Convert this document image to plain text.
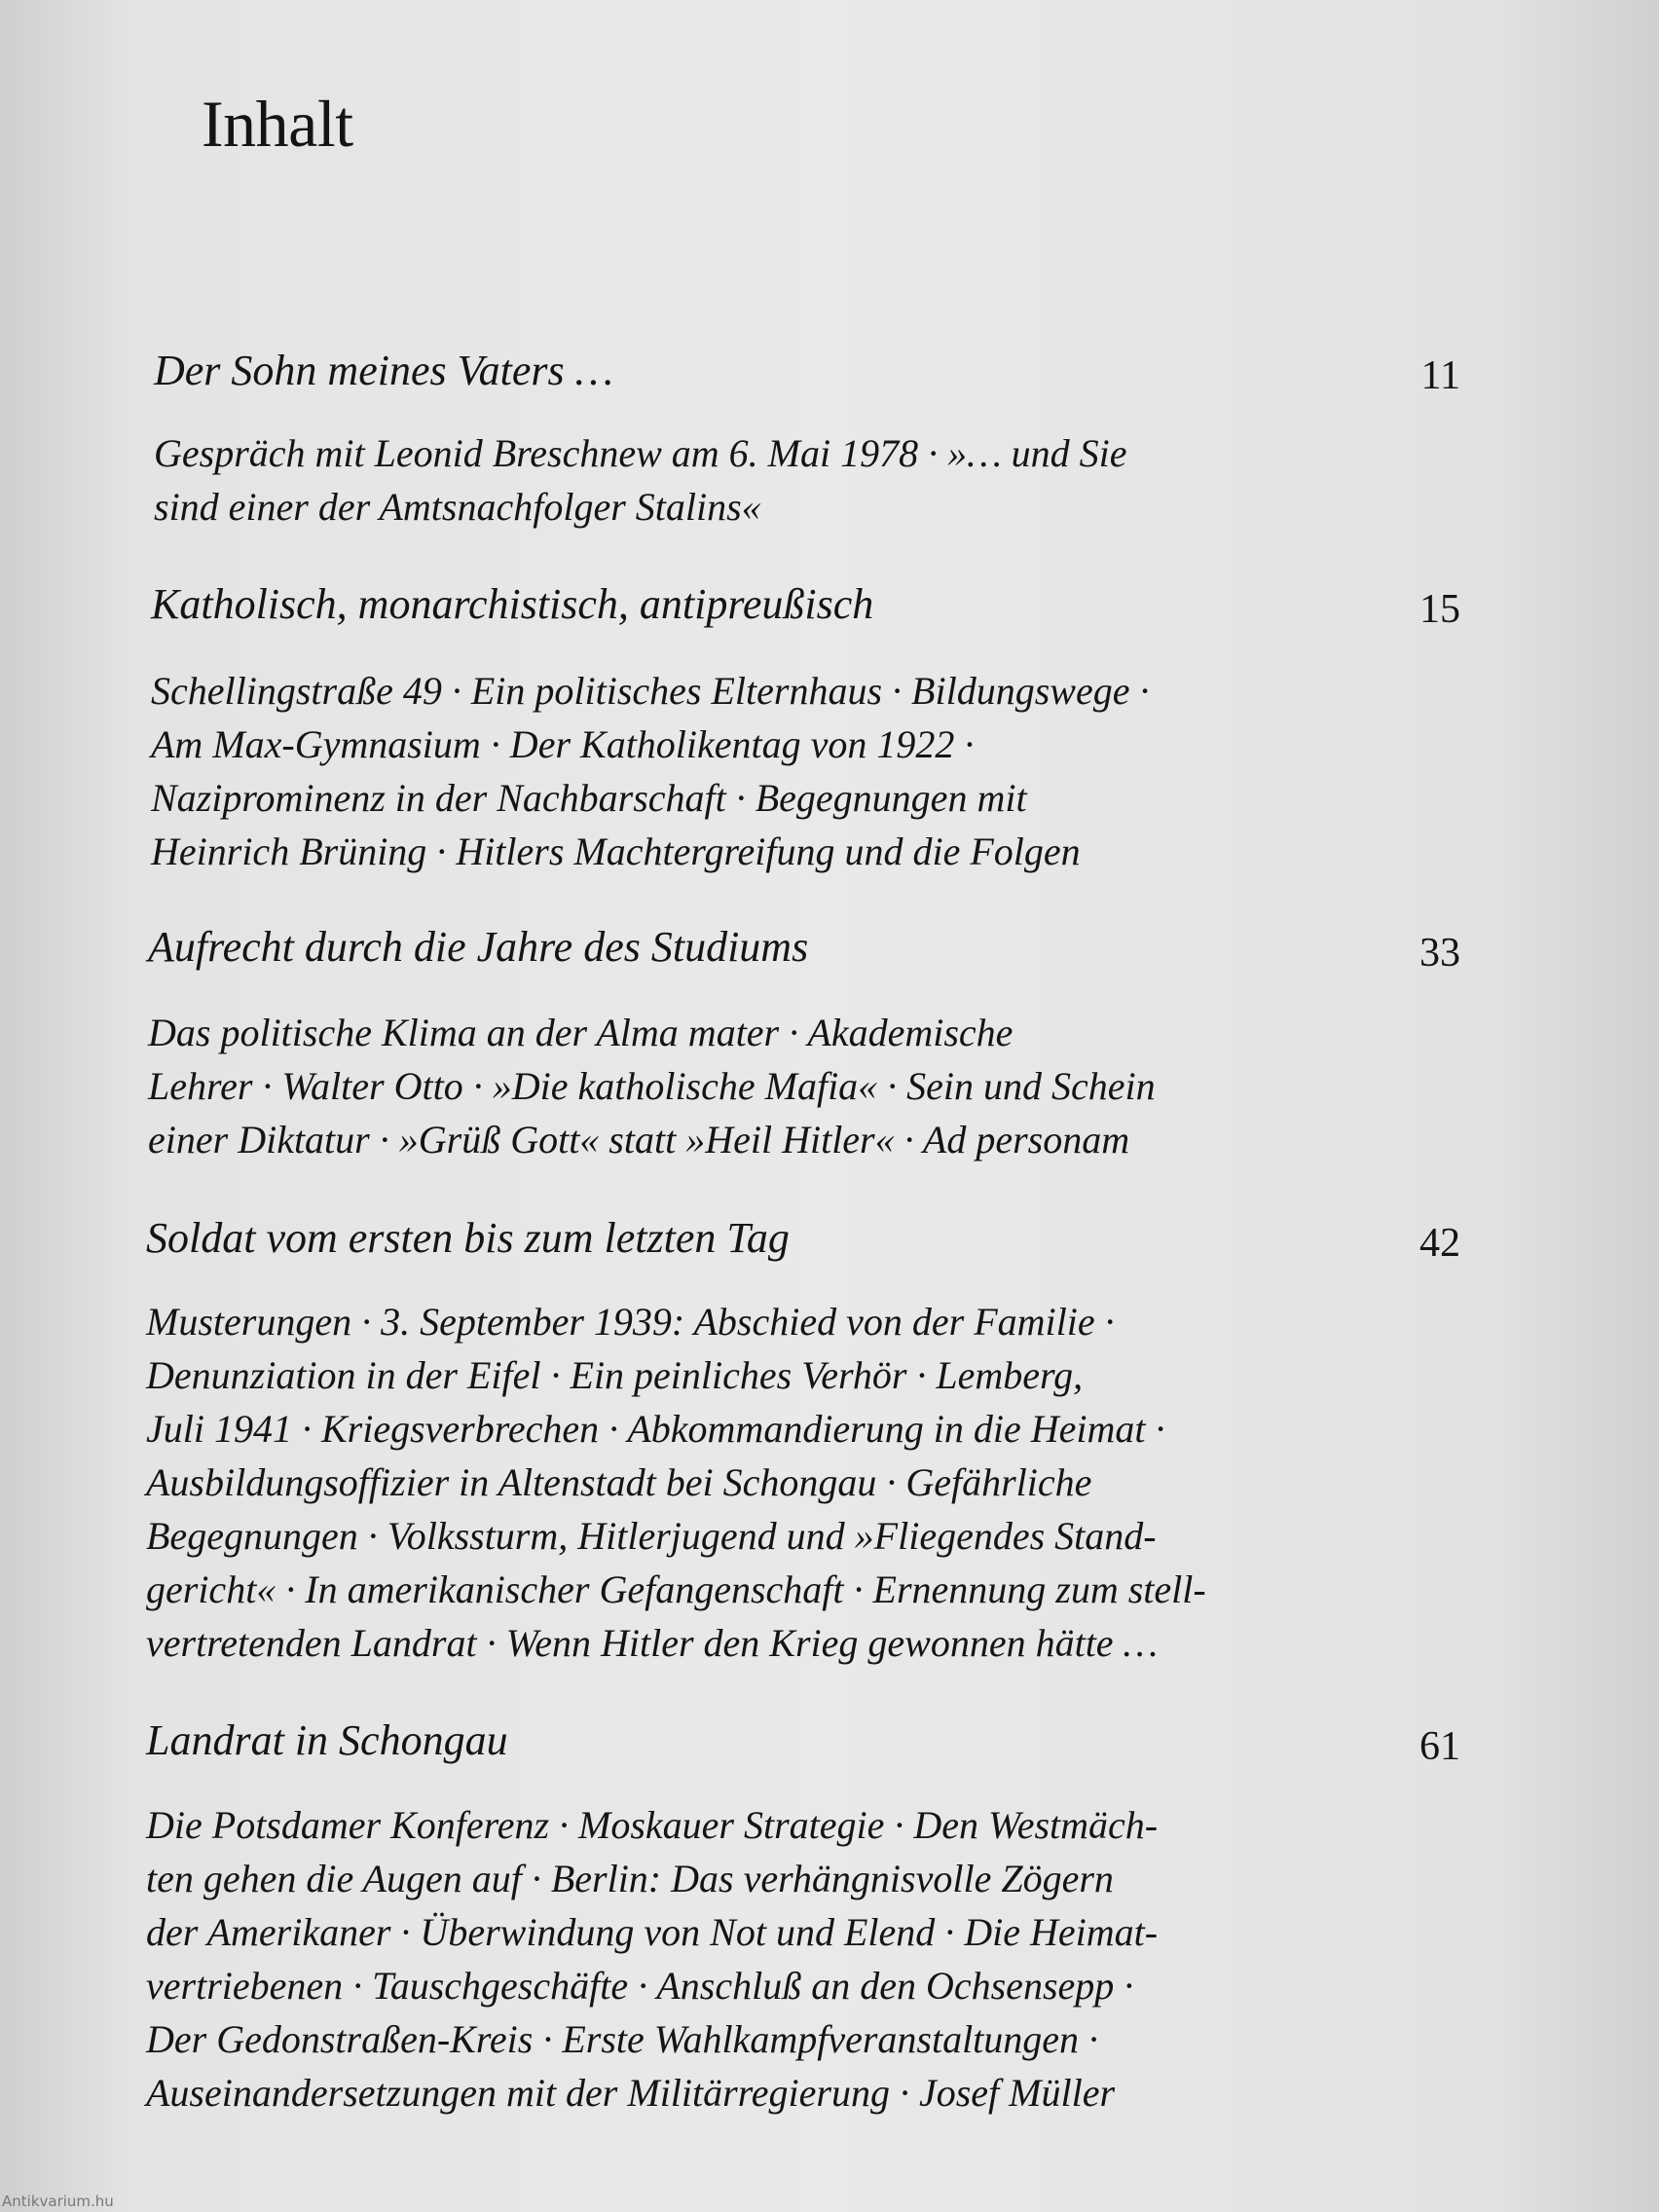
Inhalt
Der Sohn meines Vaters …	11
Gespräch mit Leonid Breschnew am 6. Mai 1978 · »… und Sie
sind einer der Amtsnachfolger Stalins«
Katholisch, monarchistisch, antipreußisch	15
Schellingstraße 49 · Ein politisches Elternhaus · Bildungswege ·
Am Max-Gymnasium · Der Katholikentag von 1922 ·
Naziprominenz in der Nachbarschaft · Begegnungen mit
Heinrich Brüning · Hitlers Machtergreifung und die Folgen
Aufrecht durch die Jahre des Studiums	33
Das politische Klima an der Alma mater · Akademische
Lehrer · Walter Otto · »Die katholische Mafia« · Sein und Schein
einer Diktatur · »Grüß Gott« statt »Heil Hitler« · Ad personam
Soldat vom ersten bis zum letzten Tag	42
Musterungen · 3. September 1939: Abschied von der Familie ·
Denunziation in der Eifel · Ein peinliches Verhör · Lemberg,
Juli 1941 · Kriegsverbrechen · Abkommandierung in die Heimat ·
Ausbildungsoffizier in Altenstadt bei Schongau · Gefährliche
Begegnungen · Volkssturm, Hitlerjugend und »Fliegendes Stand-
gericht« · In amerikanischer Gefangenschaft · Ernennung zum stell-
vertretenden Landrat · Wenn Hitler den Krieg gewonnen hätte …
Landrat in Schongau	61
Die Potsdamer Konferenz · Moskauer Strategie · Den Westmäch-
ten gehen die Augen auf · Berlin: Das verhängnisvolle Zögern
der Amerikaner · Überwindung von Not und Elend · Die Heimat-
vertriebenen · Tauschgeschäfte · Anschluß an den Ochsensepp ·
Der Gedonstraßen-Kreis · Erste Wahlkampfveranstaltungen ·
Auseinandersetzungen mit der Militärregierung · Josef Müller
Antikvarium.hu
